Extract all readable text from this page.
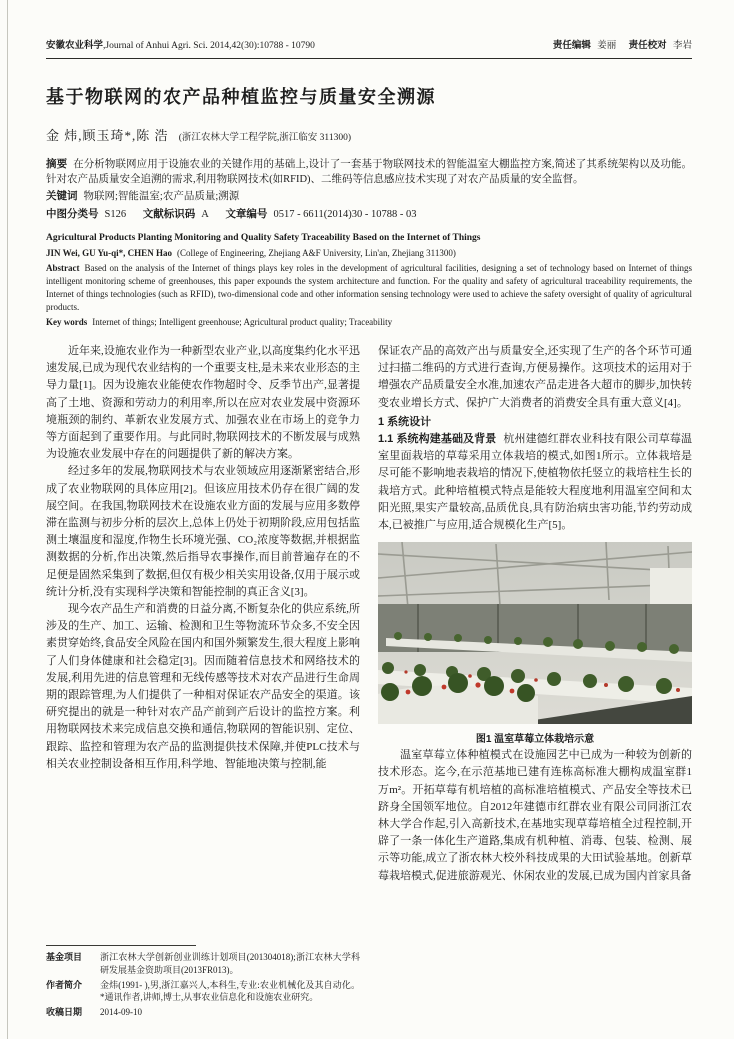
安徽农业科学,Journal of Anhui Agri. Sci. 2014,42(30):10788 - 10790	责任编辑 姜丽 责任校对 李岩
基于物联网的农产品种植监控与质量安全溯源
金 炜,顾玉琦*,陈 浩 (浙江农林大学工程学院,浙江临安 311300)

摘要 在分析物联网应用于设施农业的关键作用的基础上,设计了一套基于物联网技术的智能温室大棚监控方案,简述了其系统架构以及功能。针对农产品质量安全追溯的需求,利用物联网技术(如RFID)、二维码等信息感应技术实现了对农产品质量的安全监督。

关键词 物联网;智能温室;农产品质量;溯源

中图分类号 S126 文献标识码 A 文章编号 0517 - 6611(2014)30 - 10788 - 03

Agricultural Products Planting Monitoring and Quality Safety Traceability Based on the Internet of Things

JIN Wei, GU Yu-qi*, CHEN Hao (College of Engineering, Zhejiang A&F University, Lin'an, Zhejiang 311300)

Abstract Based on the analysis of the Internet of things plays key roles in the development of agricultural facilities, designing a set of technology based on Internet of things intelligent monitoring scheme of greenhouses, this paper expounds the system architecture and function. For the quality and safety of agricultural traceability requirements, the Internet of things technologies (such as RFID), two-dimensional code and other information sensing technology were used to achieve the safety oversight of quality of agricultural products.

Key words Internet of things; Intelligent greenhouse; Agricultural product quality; Traceability

近年来,设施农业作为一种新型农业产业,以高度集约化水平迅速发展,已成为现代农业结构的一个重要支柱,是未来农业形态的主导力量[1]。因为设施农业能使农作物超时令、反季节出产,显著提高了土地、资源和劳动力的利用率,所以在应对农业发展中资源环境瓶颈的制约、革新农业发展方式、加强农业在市场上的竞争力等方面起到了重要作用。与此同时,物联网技术的不断发展与成熟为设施农业发展中存在的问题提供了新的解决方案。

经过多年的发展,物联网技术与农业领域应用逐渐紧密结合,形成了农业物联网的具体应用[2]。但该应用技术仍存在很广阔的发展空间。在我国,物联网技术在设施农业方面的发展与应用多数停滞在监测与初步分析的层次上,总体上仍处于初期阶段,应用包括监测土壤温度和湿度,作物生长环境光强、CO₂浓度等数据,并根据监测数据的分析,作出决策,然后指导农事操作,而目前普遍存在的不足便是固然采集到了数据,但仅有极少相关实用设备,仅用于展示或统计分析,没有实现科学决策和智能控制的真正含义[3]。

现今农产品生产和消费的日益分离,不断复杂化的供应系统,所涉及的生产、加工、运输、检测和卫生等物流环节众多,不安全因素贯穿始终,食品安全风险在国内和国外频繁发生,很大程度上影响了人们身体健康和社会稳定[3]。因而随着信息技术和网络技术的发展,利用先进的信息管理和无线传感等技术对农产品进行生命周期的跟踪管理,为人们提供了一种相对保证农产品安全的渠道。该研究提出的就是一种针对农产品产前到产后设计的监控方案。利用物联网技术来完成信息交换和通信,物联网的智能识别、定位、跟踪、监控和管理为农产品的监测提供技术保障,并使PLC技术与相关农业控制设备相互作用,科学地、智能地决策与控制,能

基金项目 浙江农林大学创新创业训练计划项目(201304018);浙江农林大学科研发展基金资助项目(2013FR013)。
作者简介 金炜(1991- ),男,浙江嘉兴人,本科生,专业:农业机械化及其自动化。*通讯作者,讲师,博士,从事农业信息化和设施农业研究。
收稿日期 2014-09-10

保证农产品的高效产出与质量安全,还实现了生产的各个环节可通过扫描二维码的方式进行查询,方便易操作。这项技术的运用对于增强农产品质量安全水准,加速农产品走进各大超市的脚步,加快转变农业增长方式、保护广大消费者的消费安全具有重大意义[4]。

1 系统设计

1.1 系统构建基础及背景 杭州建德红群农业科技有限公司草莓温室里面栽培的草莓采用立体栽培的模式,如图1所示。立体栽培是尽可能不影响地表栽培的情况下,使植物依托竖立的栽培柱生长的栽培方式。此种培植模式特点是能较大程度地利用温室空间和太阳光照,果实产量较高,品质优良,具有防治病虫害功能,节约劳动成本,已被推广与应用,适合规模化生产[5]。

图1 温室草莓立体栽培示意

温室草莓立体种植模式在设施园艺中已成为一种较为创新的技术形态。迄今,在示范基地已建有连栋高标准大棚构成温室群1万m²。开拓草莓有机培植的高标准培植模式、产品安全等技术已跻身全国领军地位。自2012年建德市红群农业有限公司同浙江农林大学合作起,引入高新技术,在基地实现草莓培植全过程控制,开辟了一条一体化生产道路,集成有机种植、消毒、包装、检测、展示等功能,成立了浙农林大校外科技成果的大田试验基地。创新草莓栽培模式,促进旅游观光、休闲农业的发展,已成为国内首家具备
